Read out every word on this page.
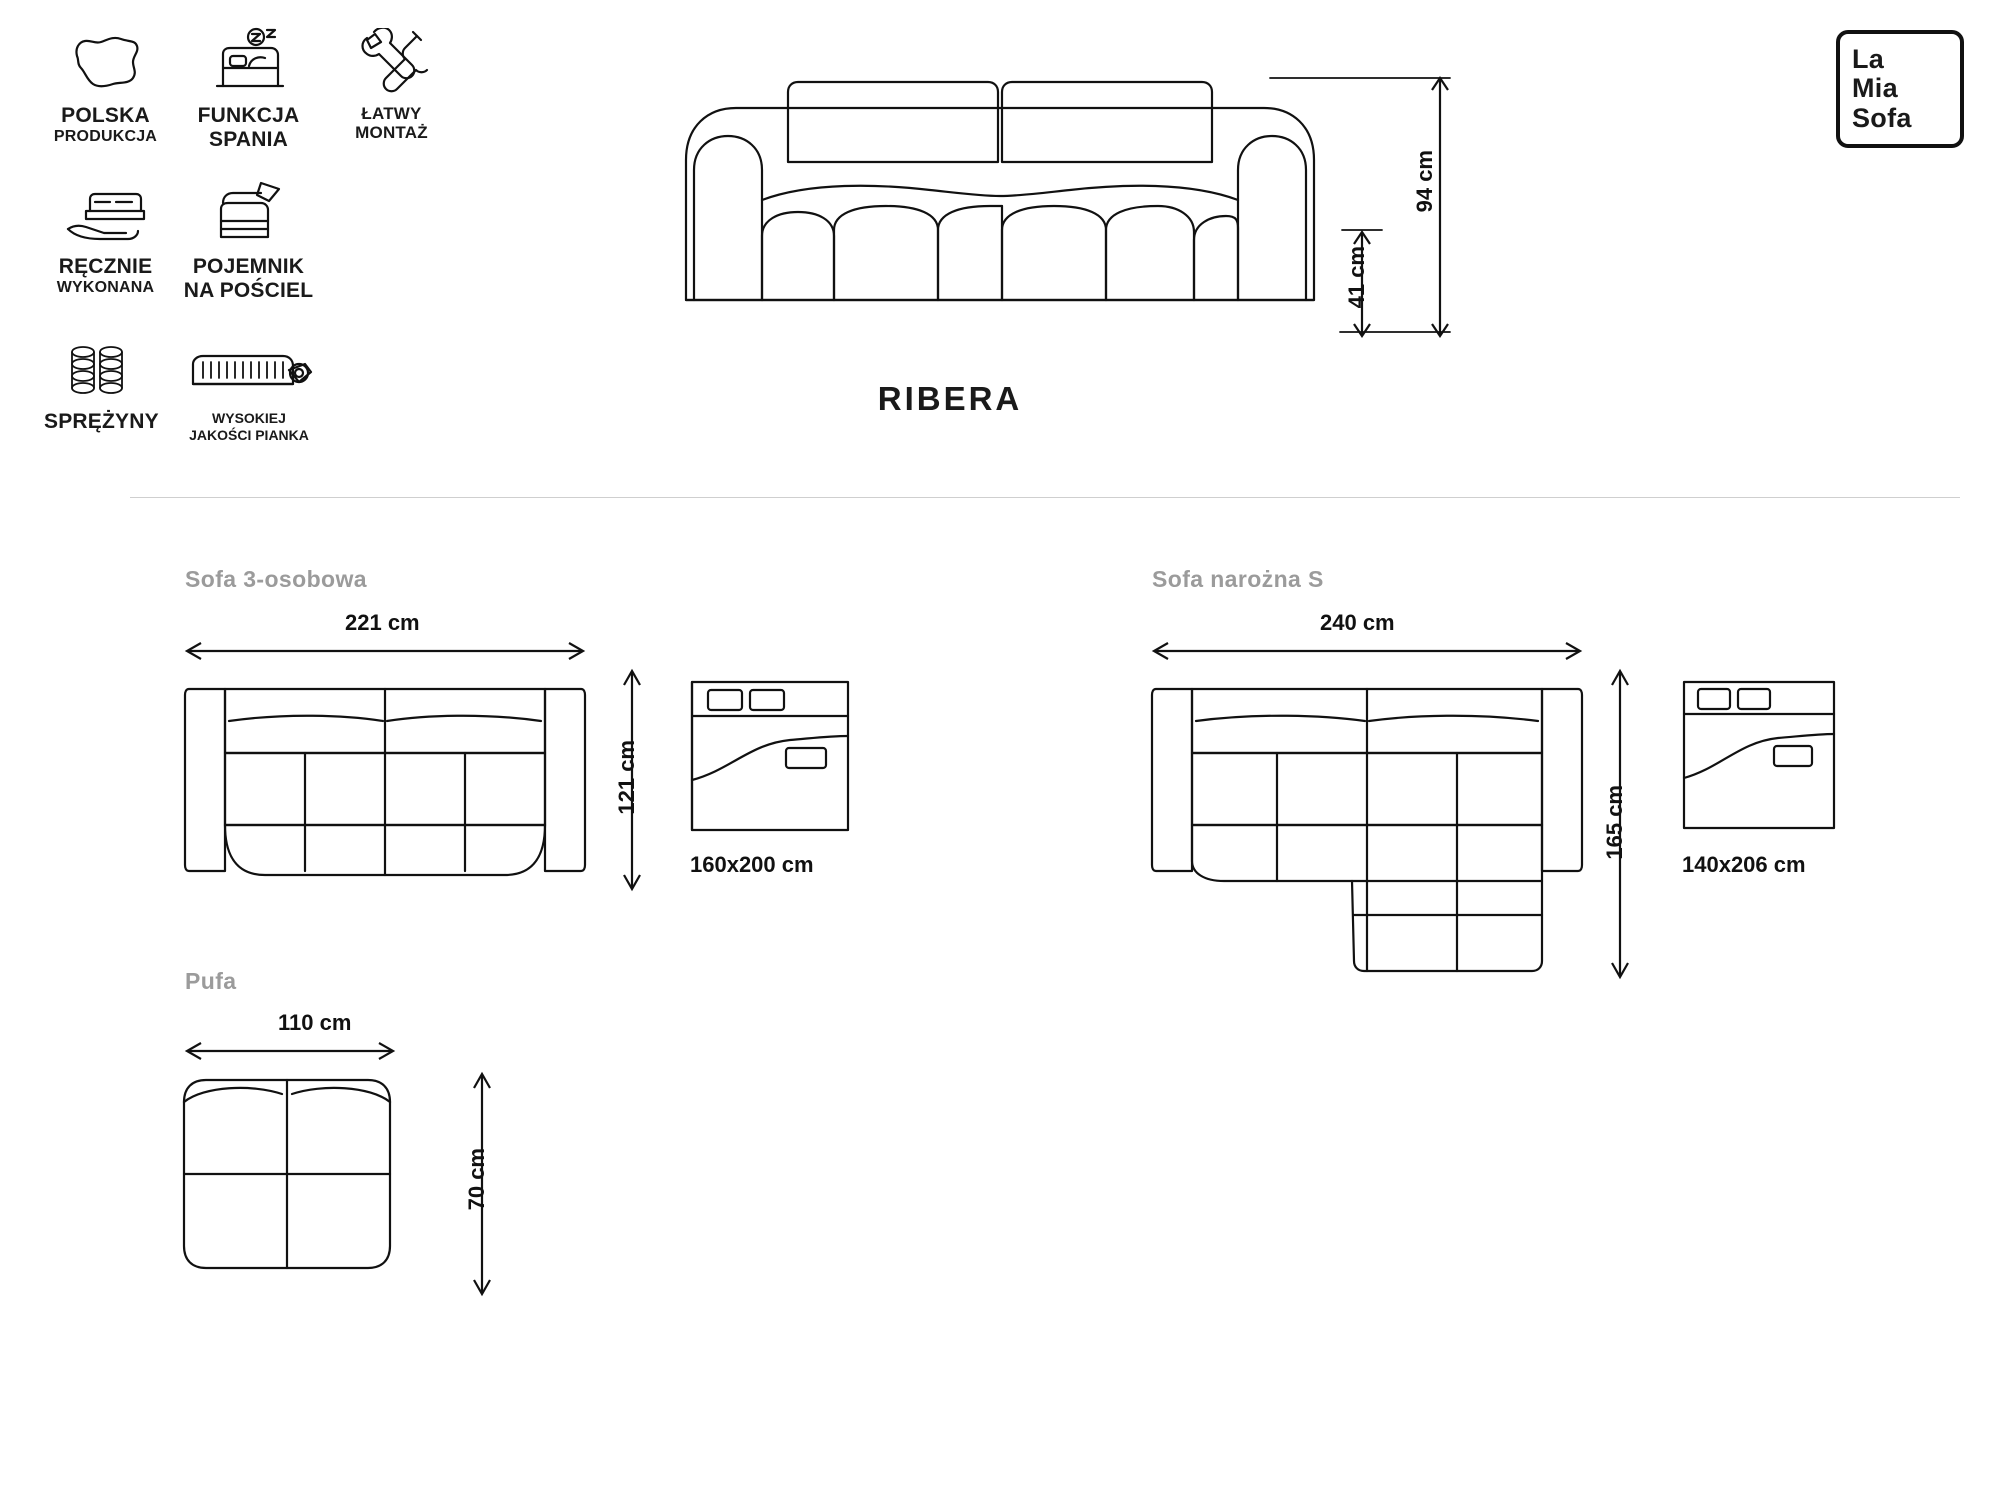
POLSKA
PRODUKCJA
FUNKCJA
SPANIA
ŁATWY
MONTAŻ
RĘCZNIE
WYKONANA
POJEMNIK
NA POŚCIEL
SPRĘŻYNY	WYSOKIEJ
JAKOŚCI PIANKA
La
Mia
Sofa
94 cm
41 cm
RIBERA
Sofa 3-osobowa
221 cm
121 cm
160x200 cm
Sofa narożna S
240 cm
165 cm
140x206 cm
Pufa
110 cm
70 cm
